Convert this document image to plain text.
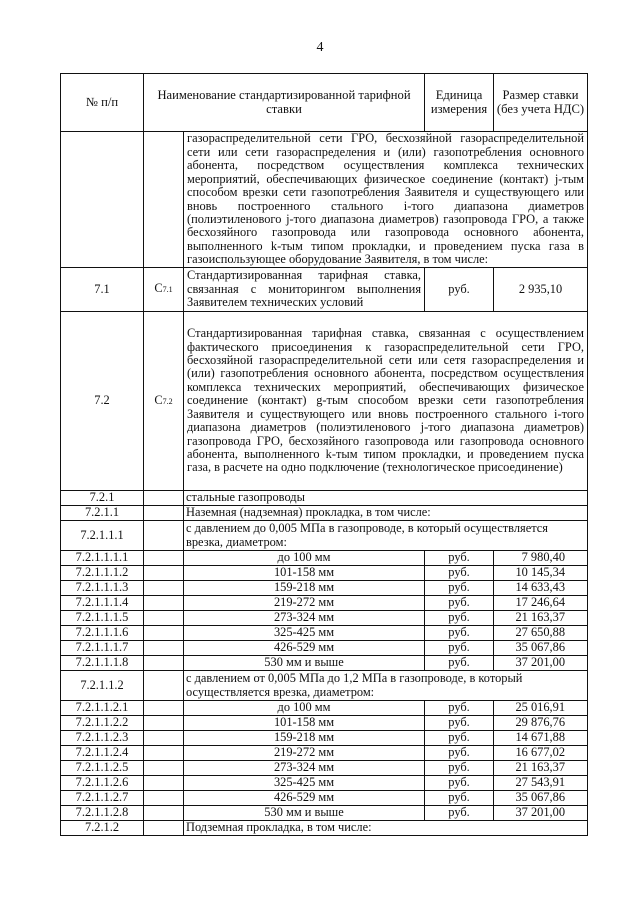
4
№ п/п	Наименование стандартизированной тарифной ставки		Единица измерения	Размер ставки (без учета НДС)
		газораспределительной сети ГРО, бесхозяйной газораспределительной сети или сети газораспределения и (или) газопотребления основного абонента, посредством осуществления комплекса технических мероприятий, обеспечивающих физическое соединение (контакт) j-тым способом врезки сети газопотребления Заявителя и существующего или вновь построенного стального i-того диапазона диаметров (полиэтиленового j-того диапазона диаметров) газопровода ГРО, а также бесхозяйного газопровода или газопровода основного абонента, выполненного k-тым типом прокладки, и проведением пуска газа в газоиспользующее оборудование Заявителя, в том числе:		
7.1	C7.1	Стандартизированная тарифная ставка, связанная с мониторингом выполнения Заявителем технических условий	руб.	2 935,10
7.2	C7.2	Стандартизированная тарифная ставка, связанная с осуществлением фактического присоединения к газораспределительной сети ГРО, бесхозяйной газораспределительной сети или сетя газораспределения и (или) газопотребления основного абонента, посредством осуществления комплекса технических мероприятий, обеспечивающих физическое соединение (контакт) g-тым способом врезки сети газопотребления Заявителя и существующего или вновь построенного стального i-того диапазона диаметров (полиэтиленового j-того диапазона диаметров) газопровода ГРО, бесхозяйного газопровода или газопровода основного абонента, выполненного k-тым типом прокладки, и проведением пуска газа, в расчете на одно подключение (технологическое присоединение)		
7.2.1		стальные газопроводы		
7.2.1.1		Наземная (надземная) прокладка, в том числе:		
7.2.1.1.1		с давлением до 0,005 МПа в газопроводе, в который осуществляется врезка, диаметром:		
7.2.1.1.1.1		до 100 мм	руб.	7 980,40
7.2.1.1.1.2		101-158 мм	руб.	10 145,34
7.2.1.1.1.3		159-218 мм	руб.	14 633,43
7.2.1.1.1.4		219-272 мм	руб.	17 246,64
7.2.1.1.1.5		273-324 мм	руб.	21 163,37
7.2.1.1.1.6		325-425 мм	руб.	27 650,88
7.2.1.1.1.7		426-529 мм	руб.	35 067,86
7.2.1.1.1.8		530 мм и выше	руб.	37 201,00
7.2.1.1.2		с давлением от 0,005 МПа до 1,2 МПа в газопроводе, в который осуществляется врезка, диаметром:		
7.2.1.1.2.1		до 100 мм	руб.	25 016,91
7.2.1.1.2.2		101-158 мм	руб.	29 876,76
7.2.1.1.2.3		159-218 мм	руб.	14 671,88
7.2.1.1.2.4		219-272 мм	руб.	16 677,02
7.2.1.1.2.5		273-324 мм	руб.	21 163,37
7.2.1.1.2.6		325-425 мм	руб.	27 543,91
7.2.1.1.2.7		426-529 мм	руб.	35 067,86
7.2.1.1.2.8		530 мм и выше	руб.	37 201,00
7.2.1.2		Подземная прокладка, в том числе:		
